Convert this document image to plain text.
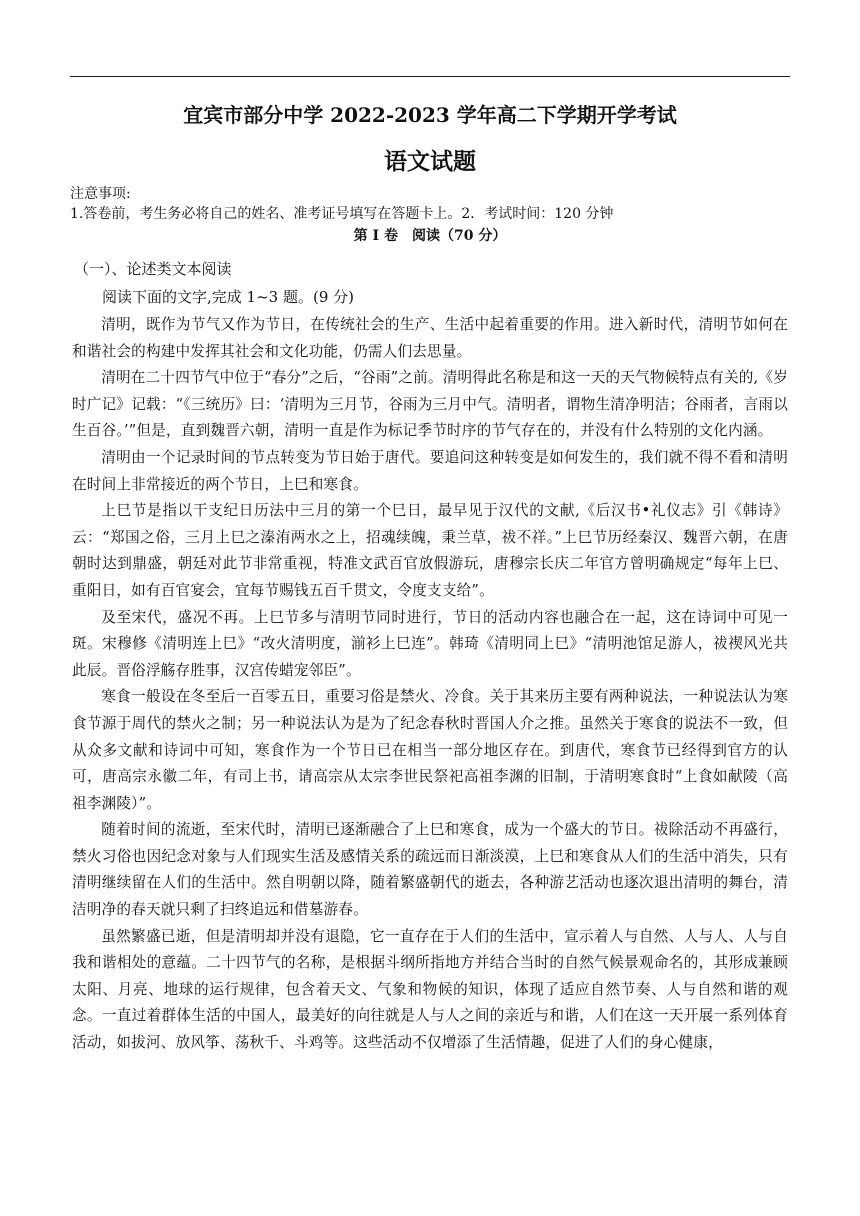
宜宾市部分中学 2022-2023 学年高二下学期开学考试
语文试题
注意事项:
1.答卷前，考生务必将自己的姓名、准考证号填写在答题卡上。2．考试时间：120 分钟
第 I 卷　阅读（70 分）
（一）、论述类文本阅读
阅读下面的文字,完成 1~3 题。(9 分)

清明，既作为节气又作为节日，在传统社会的生产、生活中起着重要的作用。进入新时代，清明节如何在和谐社会的构建中发挥其社会和文化功能，仍需人们去思量。

清明在二十四节气中位于“春分”之后，“谷雨”之前。清明得此名称是和这一天的天气物候特点有关的,《岁时广记》记载：“《三统历》曰：‘清明为三月节，谷雨为三月中气。清明者，谓物生清净明洁；谷雨者，言雨以生百谷。’”但是，直到魏晋六朝，清明一直是作为标记季节时序的节气存在的，并没有什么特别的文化内涵。

清明由一个记录时间的节点转变为节日始于唐代。要追问这种转变是如何发生的，我们就不得不看和清明在时间上非常接近的两个节日，上巳和寒食。

上巳节是指以干支纪日历法中三月的第一个巳日，最早见于汉代的文献,《后汉书•礼仪志》引《韩诗》云：“郑国之俗，三月上巳之溱洧两水之上，招魂续魄，秉兰草，祓不祥。”上巳节历经秦汉、魏晋六朝，在唐朝时达到鼎盛，朝廷对此节非常重视，特准文武百官放假游玩，唐穆宗长庆二年官方曾明确规定“每年上巳、重阳日，如有百官宴会，宜每节赐钱五百千贯文，令度支支给”。

及至宋代，盛况不再。上巳节多与清明节同时进行，节日的活动内容也融合在一起，这在诗词中可见一斑。宋穆修《清明连上巳》“改火清明度，湔衫上巳连”。韩琦《清明同上巳》“清明池馆足游人，祓禊风光共此辰。晋俗浮觞存胜事，汉宫传蜡宠邻臣”。

寒食一般设在冬至后一百零五日，重要习俗是禁火、冷食。关于其来历主要有两种说法，一种说法认为寒食节源于周代的禁火之制；另一种说法认为是为了纪念春秋时晋国人介之推。虽然关于寒食的说法不一致，但从众多文献和诗词中可知，寒食作为一个节日已在相当一部分地区存在。到唐代，寒食节已经得到官方的认可，唐高宗永徽二年，有司上书，请高宗从太宗李世民祭祀高祖李渊的旧制，于清明寒食时“上食如献陵（高祖李渊陵）”。

随着时间的流逝，至宋代时，清明已逐渐融合了上巳和寒食，成为一个盛大的节日。祓除活动不再盛行，禁火习俗也因纪念对象与人们现实生活及感情关系的疏远而日渐淡漠，上巳和寒食从人们的生活中消失，只有清明继续留在人们的生活中。然自明朝以降，随着繁盛朝代的逝去，各种游艺活动也逐次退出清明的舞台，清洁明净的春天就只剩了扫终追远和借墓游春。

虽然繁盛已逝，但是清明却并没有退隐，它一直存在于人们的生活中，宣示着人与自然、人与人、人与自我和谐相处的意蕴。二十四节气的名称，是根据斗纲所指地方并结合当时的自然气候景观命名的，其形成兼顾太阳、月亮、地球的运行规律，包含着天文、气象和物候的知识，体现了适应自然节奏、人与自然和谐的观念。一直过着群体生活的中国人，最美好的向往就是人与人之间的亲近与和谐，人们在这一天开展一系列体育活动，如拔河、放风筝、荡秋千、斗鸡等。这些活动不仅增添了生活情趣，促进了人们的身心健康，
